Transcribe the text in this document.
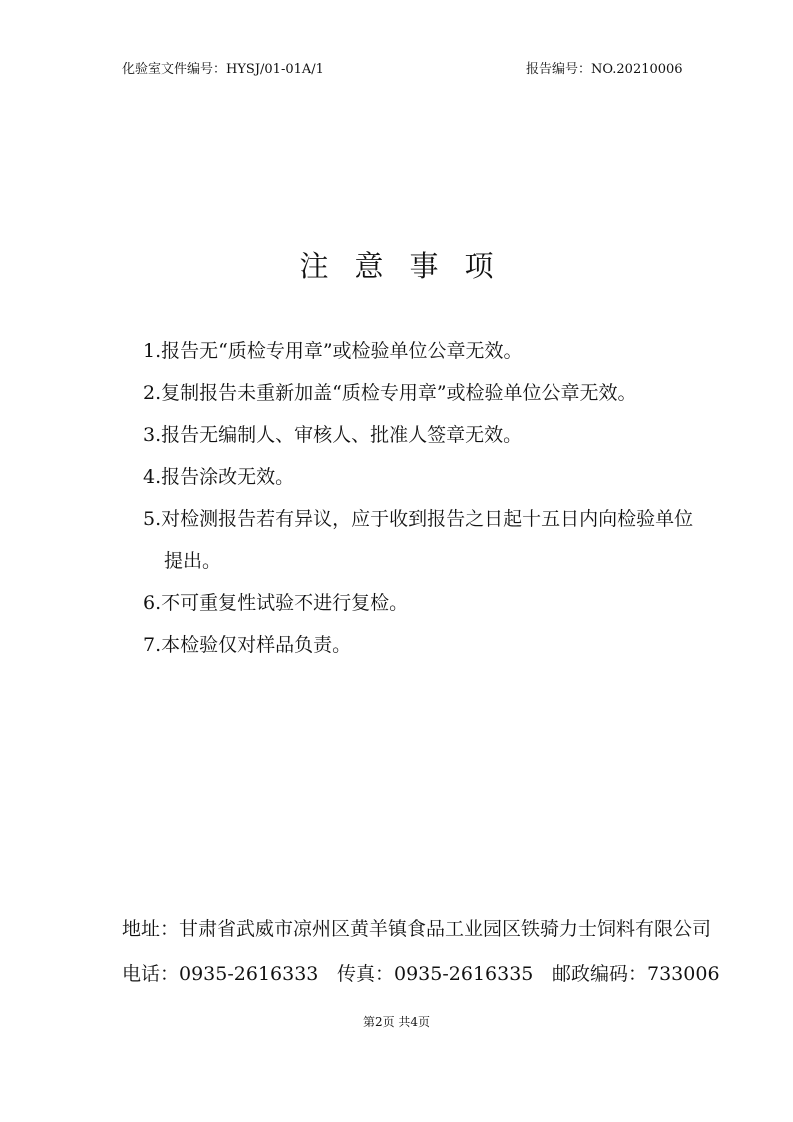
化验室文件编号：HYSJ/01-01A/1	报告编号：NO.20210006
注意事项
1.报告无“质检专用章”或检验单位公章无效。
2.复制报告未重新加盖“质检专用章”或检验单位公章无效。
3.报告无编制人、审核人、批准人签章无效。
4.报告涂改无效。
5.对检测报告若有异议，应于收到报告之日起十五日内向检验单位
提出。
6.不可重复性试验不进行复检。
7.本检验仅对样品负责。
地址：甘肃省武威市凉州区黄羊镇食品工业园区铁骑力士饲料有限公司
电话：0935-2616333 传真：0935-2616335 邮政编码：733006
第2页 共4页
